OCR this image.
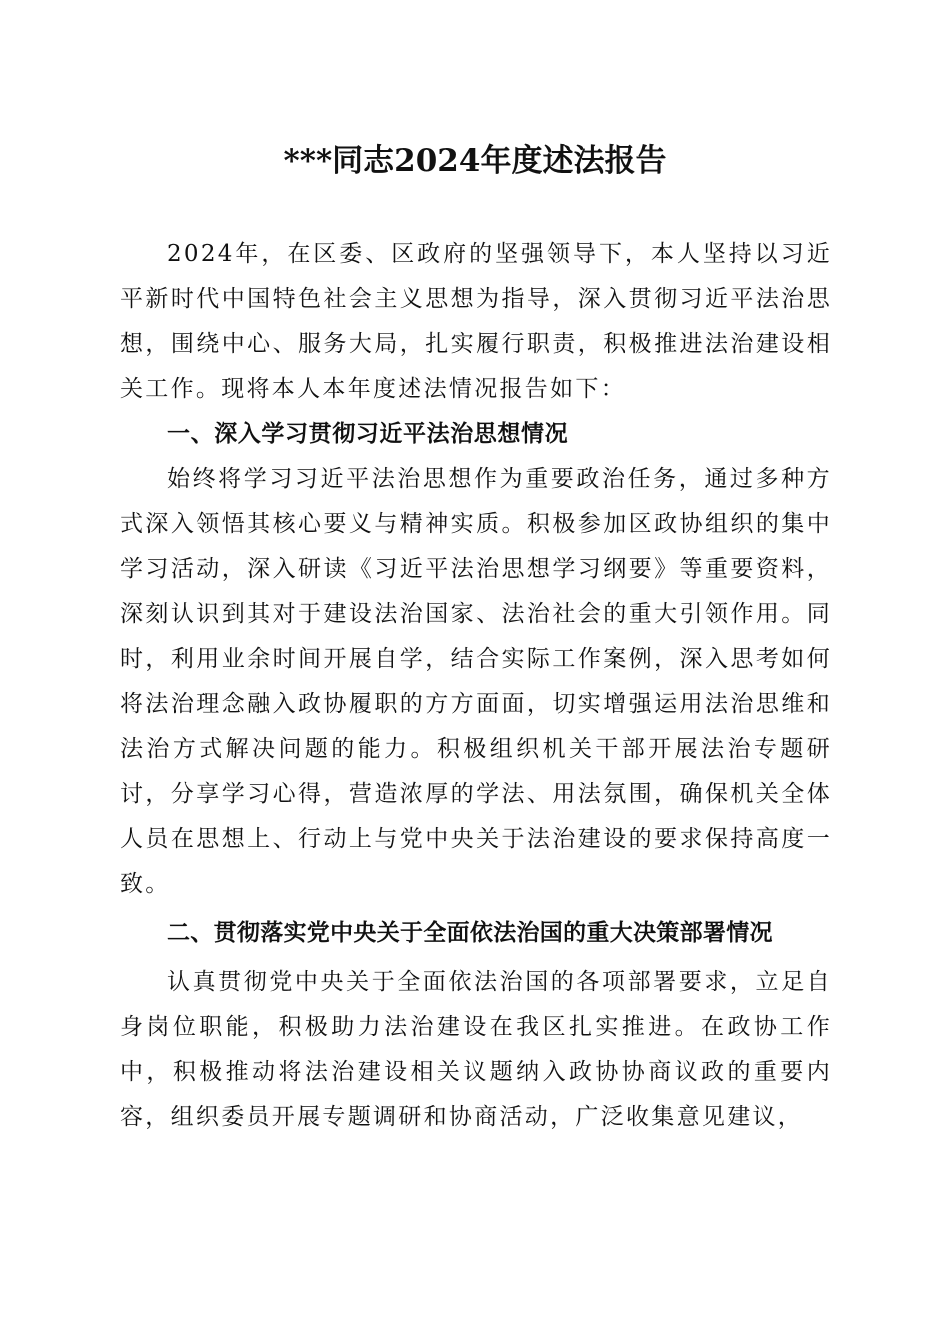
***同志2024年度述法报告

2024年，在区委、区政府的坚强领导下，本人坚持以习近平新时代中国特色社会主义思想为指导，深入贯彻习近平法治思想，围绕中心、服务大局，扎实履行职责，积极推进法治建设相关工作。现将本人本年度述法情况报告如下：

一、深入学习贯彻习近平法治思想情况

始终将学习习近平法治思想作为重要政治任务，通过多种方式深入领悟其核心要义与精神实质。积极参加区政协组织的集中学习活动，深入研读《习近平法治思想学习纲要》等重要资料，深刻认识到其对于建设法治国家、法治社会的重大引领作用。同时，利用业余时间开展自学，结合实际工作案例，深入思考如何将法治理念融入政协履职的方方面面，切实增强运用法治思维和法治方式解决问题的能力。积极组织机关干部开展法治专题研讨，分享学习心得，营造浓厚的学法、用法氛围，确保机关全体人员在思想上、行动上与党中央关于法治建设的要求保持高度一致。

二、贯彻落实党中央关于全面依法治国的重大决策部署情况

认真贯彻党中央关于全面依法治国的各项部署要求，立足自身岗位职能，积极助力法治建设在我区扎实推进。在政协工作中，积极推动将法治建设相关议题纳入政协协商议政的重要内容，组织委员开展专题调研和协商活动，广泛收集意见建议，
